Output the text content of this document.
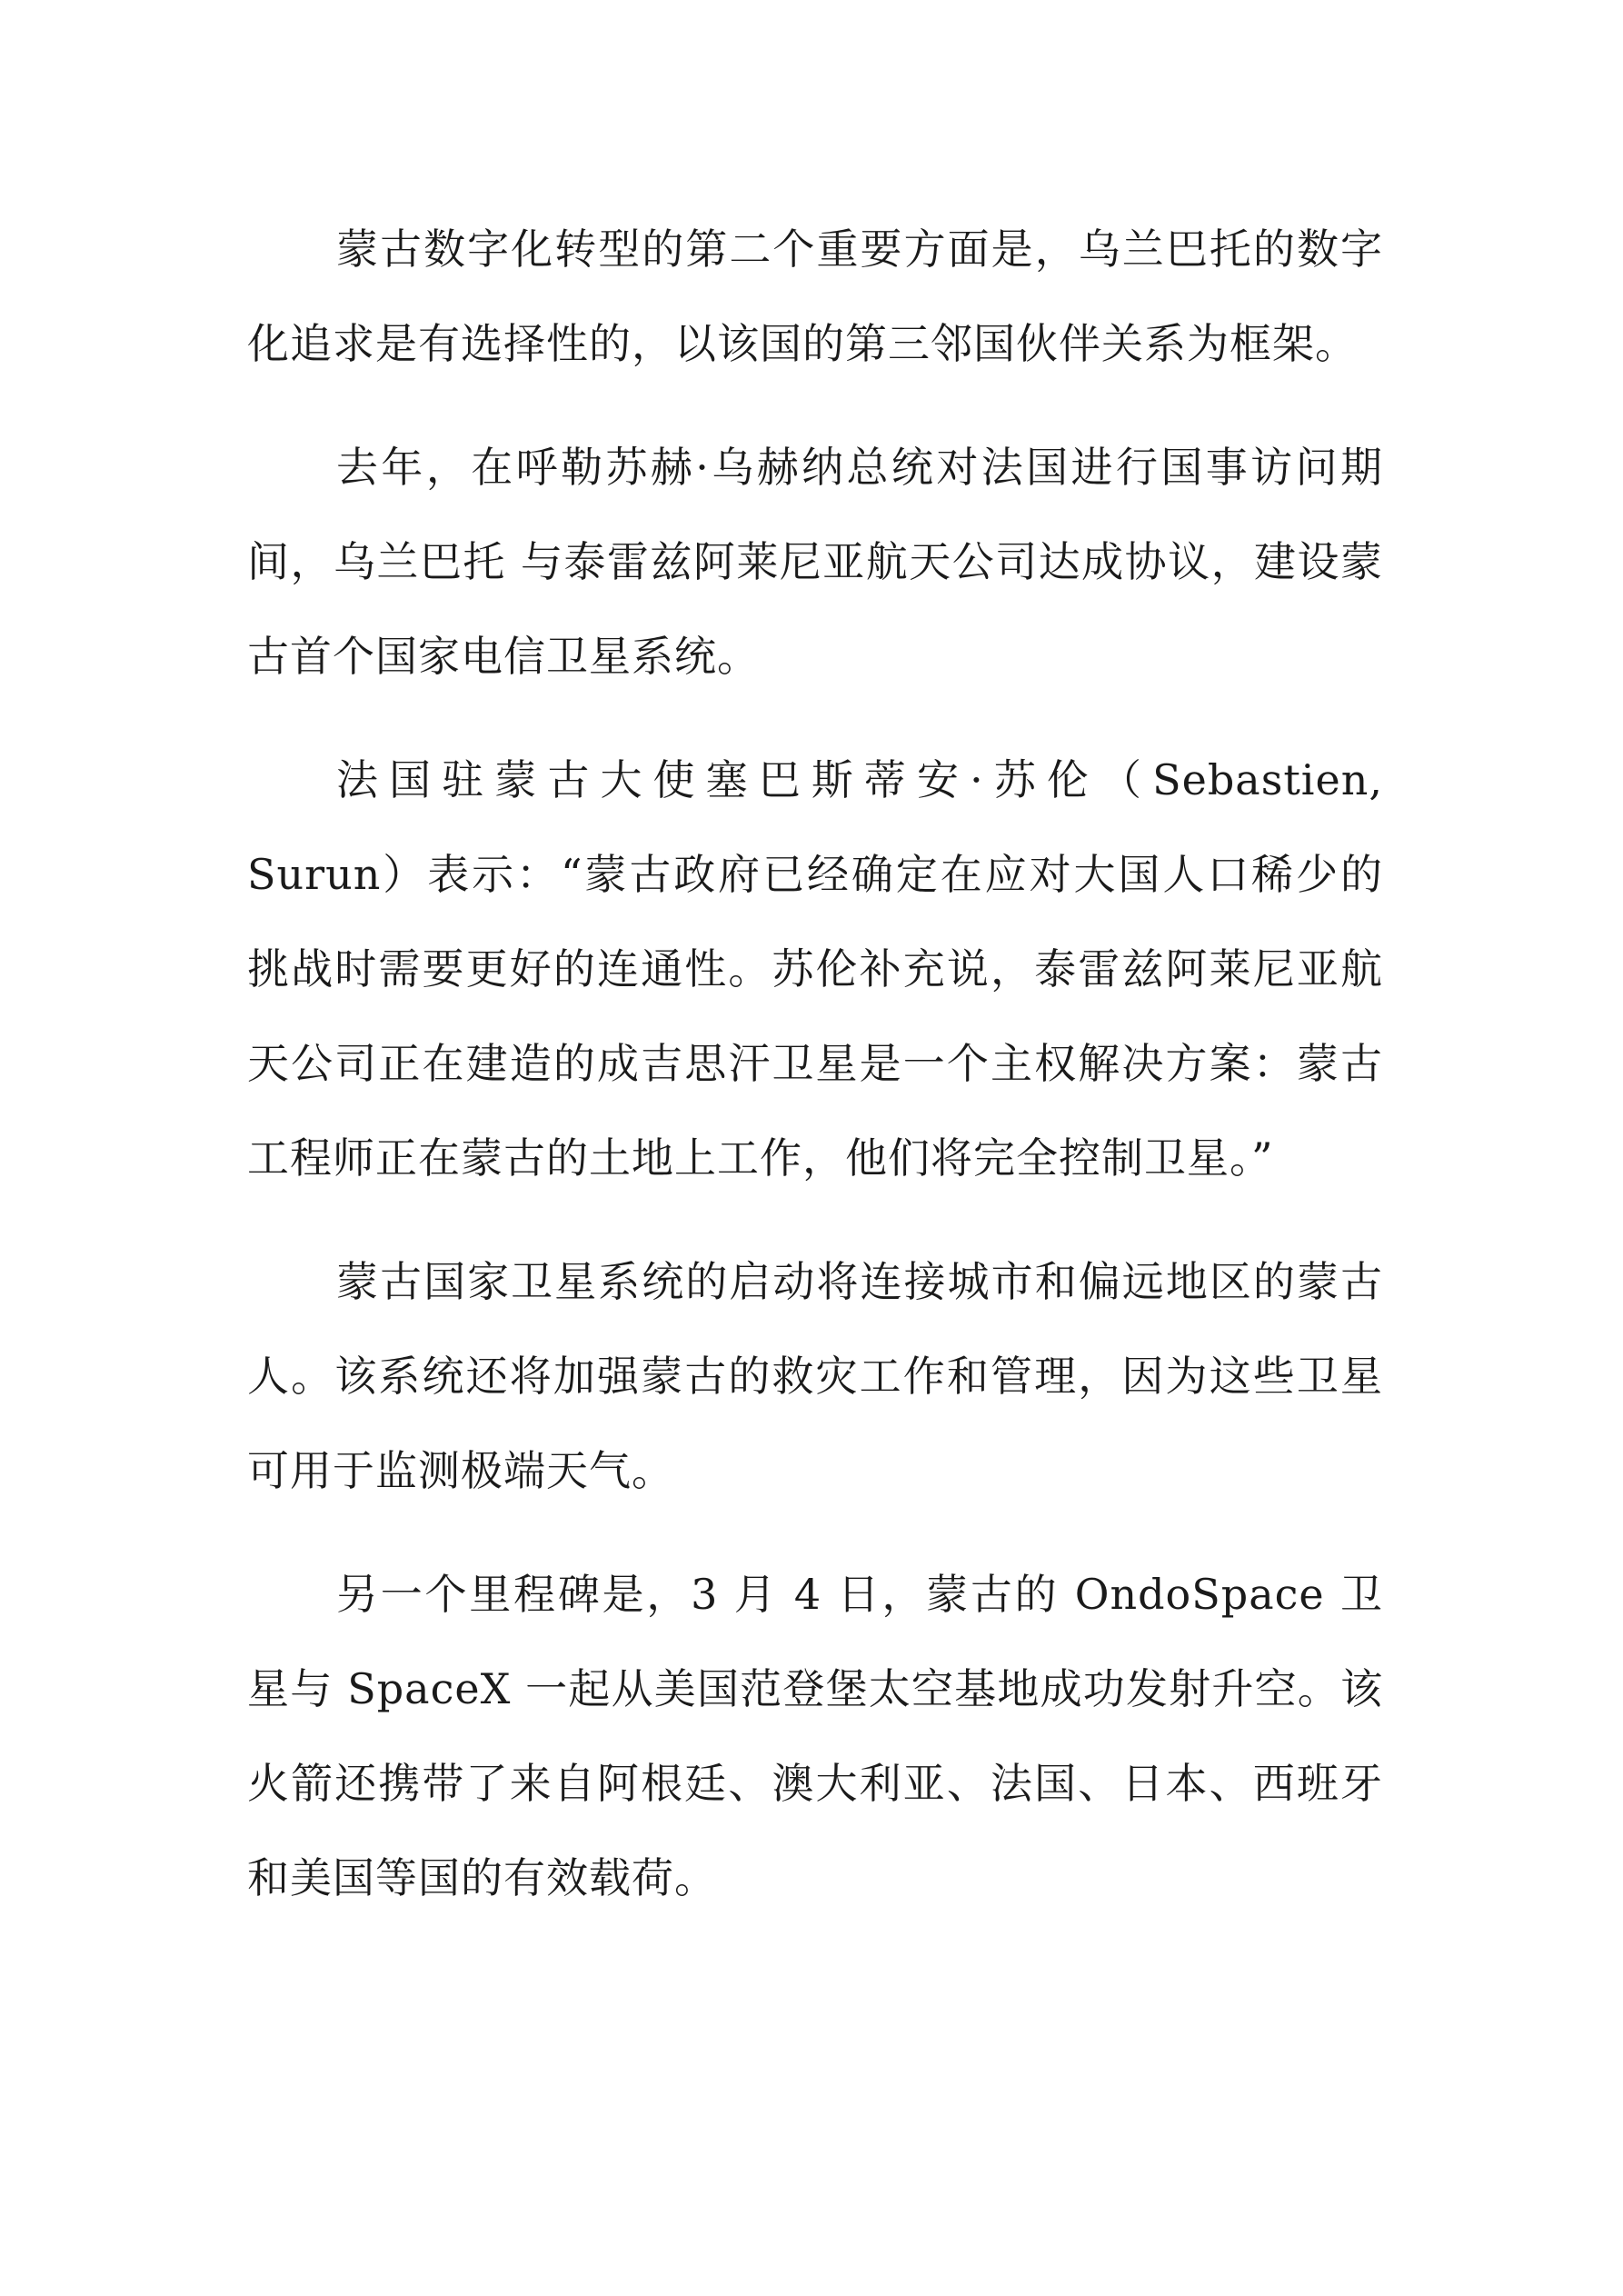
蒙古数字化转型的第二个重要方面是，乌兰巴托的数字化追求是有选择性的，以该国的第三邻国伙伴关系为框架。

去年，在呼勒苏赫·乌赫纳总统对法国进行国事访问期间，乌兰巴托 与泰雷兹阿莱尼亚航天公司达成协议，建设蒙古首个国家电信卫星系统。

法国驻蒙古大使塞巴斯蒂安·苏伦（Sebastien, Surun）表示：“蒙古政府已经确定在应对大国人口稀少的挑战时需要更好的连通性。苏伦补充说，泰雷兹阿莱尼亚航天公司正在建造的成吉思汗卫星是一个主权解决方案：蒙古工程师正在蒙古的土地上工作，他们将完全控制卫星。”

蒙古国家卫星系统的启动将连接城市和偏远地区的蒙古人。该系统还将加强蒙古的救灾工作和管理，因为这些卫星可用于监测极端天气。

另一个里程碑是，3 月 4 日，蒙古的 OndoSpace 卫星与 SpaceX 一起从美国范登堡太空基地成功发射升空。该火箭还携带了来自阿根廷、澳大利亚、法国、日本、西班牙和美国等国的有效载荷。
